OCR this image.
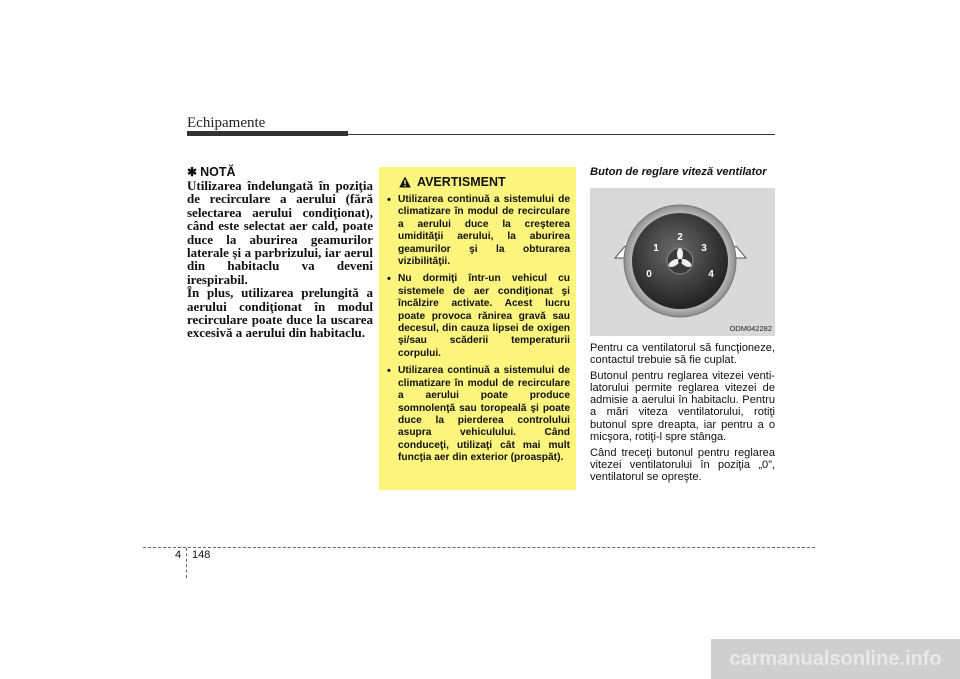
Echipamente
✱ NOTĂ

Utilizarea îndelungată în poziţia de recirculare a aerului (fără selectarea aerului condiţionat), când este selectat aer cald, poate duce la aburirea geamurilor laterale şi a parbrizului, iar aerul din habitaclu va deveni irespirabil.

În plus, utilizarea prelungită a aerului condiţionat în modul recirculare poate duce la uscarea excesivă a aerului din habitaclu.

AVERTISMENT
• Utilizarea continuă a sistemului de climatizare în modul de recirculare a aerului duce la creşterea umidităţii aerului, la aburirea geamurilor şi la obturarea vizibilităţii.
• Nu dormiţi într-un vehicul cu sistemele de aer condiţionat şi încălzire activate. Acest lucru poate provoca rănirea gravă sau decesul, din cauza lipsei de oxigen şi/sau scăderii temperaturii corpului.
• Utilizarea continuă a sistemului de climatizare în modul de recirculare a aerului poate produce somnolenţă sau toropeală şi poate duce la pierderea controlului asupra vehiculului. Când conduceţi, utilizaţi cât mai mult funcţia aer din exterior (proaspăt).

Buton de reglare viteză ventilator

0
1
2
3
4
ODM042282

Pentru ca ventilatorul să funcţioneze, contactul trebuie să fie cuplat.

Butonul pentru reglarea vitezei ventilatorului permite reglarea vitezei de admisie a aerului în habitaclu. Pentru a mări viteza ventilatorului, rotiţi butonul spre dreapta, iar pentru a o micşora, rotiţi-l spre stânga.

Când treceţi butonul pentru reglarea vitezei ventilatorului în poziţia „0”, ventilatorul se opreşte.

4 148
carmanualsonline.info
